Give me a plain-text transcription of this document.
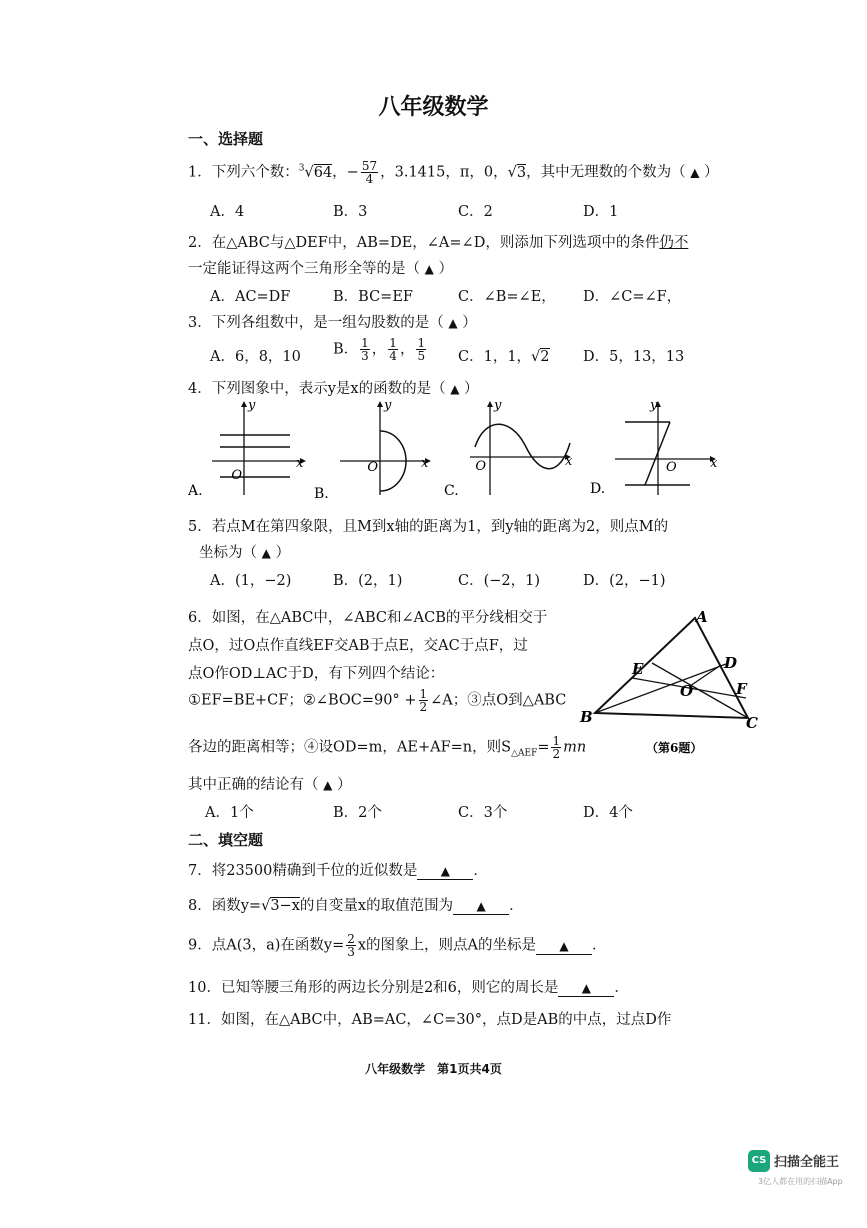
八年级数学
一、选择题
1．下列六个数：$^3$√64，− $\frac{57}{4}$ ，3.1415，π，0，√3，其中无理数的个数为（ ▲ ）
A．4	B．3	C．2	D．1
2．在△ABC与△DEF中，AB=DE，∠A=∠D，则添加下列选项中的条件仍不
一定能证得这两个三角形全等的是（ ▲ ）
A．AC=DF	B．BC=EF	C．∠B=∠E， D．∠C=∠F，
3．下列各组数中，是一组勾股数的是（ ▲ ）
A．6，8，10 B． $\frac{1}{3}$ ， $\frac{1}{4}$ ， $\frac{1}{5}$ C．1，1，√2 D．5，13，13
4．下列图象中，表示y是x的函数的是（ ▲ ）
O
x
y
A.
O	x
y
B.
O	x
y
C.
O	x
y
D.
5．若点M在第四象限，且M到x轴的距离为1，到y轴的距离为2，则点M的
坐标为（ ▲ ）
A．(1，−2)	B．(2，1)	C．(−2，1)	D．(2，−1)
6．如图，在△ABC中，∠ABC和∠ACB的平分线相交于
点O，过O点作直线EF交AB于点E，交AC于点F，过
点O作OD⊥AC于D，有下列四个结论：
①EF=BE+CF；②∠BOC=90° + $\frac{1}{2}$ ∠A；③点O到△ABC
各边的距离相等；④设OD=m，AE+AF=n，则$S_{\triangle AEF}= \frac{1}{2}$ mn
其中正确的结论有（ ▲ ）
A．1个	B．2个	C．3个	D．4个
A
B	C
D
E
F
O
（第6题）
二、填空题
7．将23500精确到千位的近似数是 ▲ ．
8．函数y=√3−x的自变量x的取值范围为 ▲ ．
9．点A(3，a)在函数$y= \frac{2}{3}$ x的图象上，则点A的坐标是 ▲ ．
10．已知等腰三角形的两边长分别是2和6，则它的周长是 ▲ ．
11．如图，在△ABC中，AB=AC，∠C=30°，点D是AB的中点，过点D作
八年级数学　第1页共4页
CS 扫描全能王
3亿人都在用的扫描App
